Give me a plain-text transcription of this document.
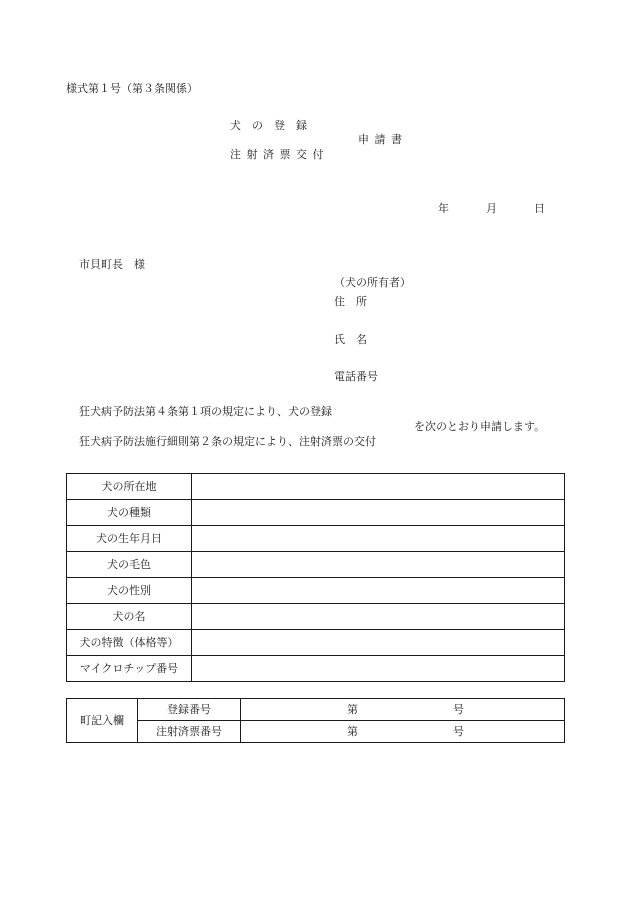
様式第１号（第３条関係）
犬　の　登　録
申請書
注射済票交付
年	月	日
市貝町長　様
（犬の所有者）
住　所
氏　名
電話番号
狂犬病予防法第４条第１項の規定により、犬の登録
を次のとおり申請します。
狂犬病予防法施行細則第２条の規定により、注射済票の交付
犬の所在地	
犬の種類	
犬の生年月日	
犬の毛色	
犬の性別	
犬の名	
犬の特徴（体格等）	
マイクロチップ番号	
町記入欄	登録番号	第 号

	注射済票番号	第 号
